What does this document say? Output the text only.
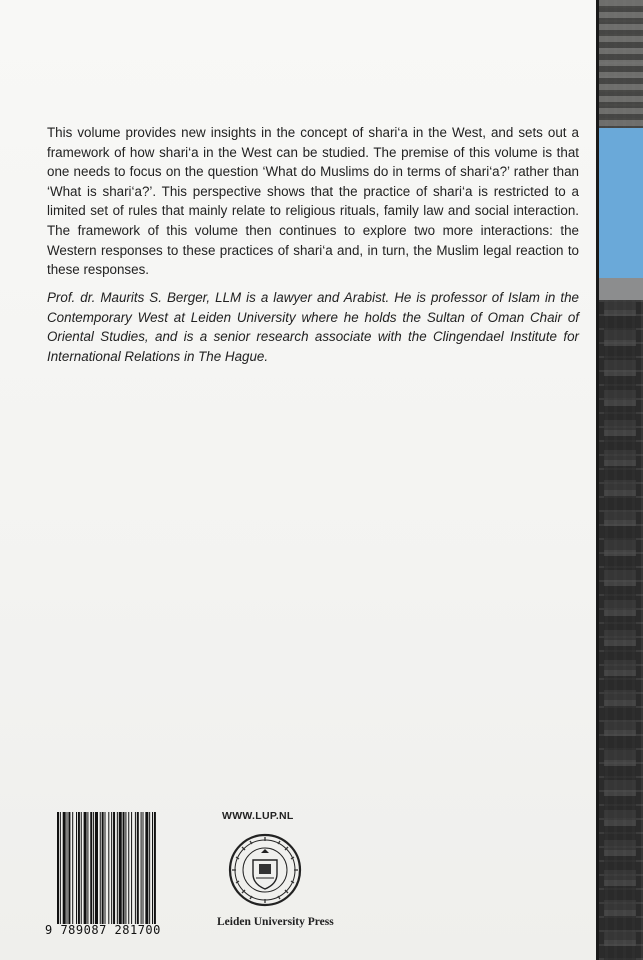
This volume provides new insights in the concept of shari‘a in the West, and sets out a framework of how shari‘a in the West can be studied. The premise of this volume is that one needs to focus on the question ‘What do Muslims do in terms of shari‘a?’ rather than ‘What is shari‘a?’. This perspective shows that the practice of shari‘a is restricted to a limited set of rules that mainly relate to religious rituals, family law and social interaction. The framework of this volume then continues to explore two more interactions: the Western responses to these practices of shari‘a and, in turn, the Muslim legal reaction to these responses.

Prof. dr. Maurits S. Berger, LLM is a lawyer and Arabist. He is professor of Islam in the Contemporary West at Leiden University where he holds the Sultan of Oman Chair of Oriental Studies, and is a senior research associate with the Clingendael Institute for International Relations in The Hague.

9 789087 281700
WWW.LUP.NL
Leiden University Press
